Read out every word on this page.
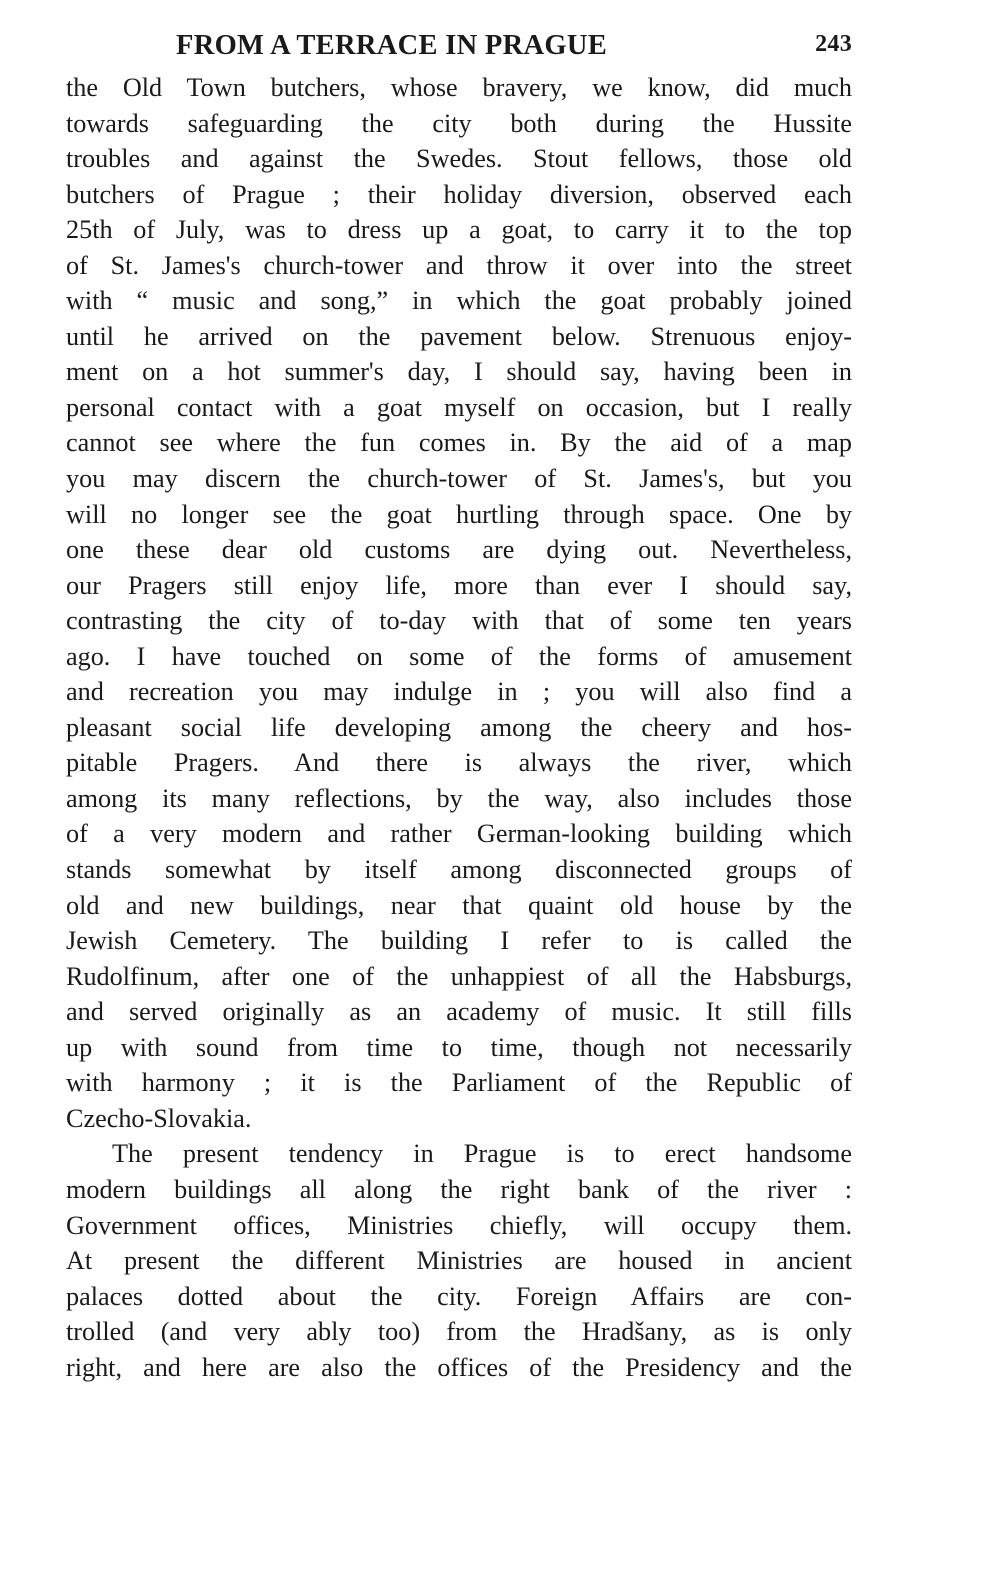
FROM A TERRACE IN PRAGUE	243
the Old Town butchers, whose bravery, we know, did much
towards safeguarding the city both during the Hussite
troubles and against the Swedes. Stout fellows, those old
butchers of Prague ; their holiday diversion, observed each
25th of July, was to dress up a goat, to carry it to the top
of St. James's church-tower and throw it over into the street
with “ music and song,” in which the goat probably joined
until he arrived on the pavement below. Strenuous enjoy-
ment on a hot summer's day, I should say, having been in
personal contact with a goat myself on occasion, but I really
cannot see where the fun comes in. By the aid of a map
you may discern the church-tower of St. James's, but you
will no longer see the goat hurtling through space. One by
one these dear old customs are dying out. Nevertheless,
our Pragers still enjoy life, more than ever I should say,
contrasting the city of to-day with that of some ten years
ago. I have touched on some of the forms of amusement
and recreation you may indulge in ; you will also find a
pleasant social life developing among the cheery and hos-
pitable Pragers. And there is always the river, which
among its many reflections, by the way, also includes those
of a very modern and rather German-looking building which
stands somewhat by itself among disconnected groups of
old and new buildings, near that quaint old house by the
Jewish Cemetery. The building I refer to is called the
Rudolfinum, after one of the unhappiest of all the Habsburgs,
and served originally as an academy of music. It still fills
up with sound from time to time, though not necessarily
with harmony ; it is the Parliament of the Republic of
Czecho-Slovakia.
The present tendency in Prague is to erect handsome
modern buildings all along the right bank of the river :
Government offices, Ministries chiefly, will occupy them.
At present the different Ministries are housed in ancient
palaces dotted about the city. Foreign Affairs are con-
trolled (and very ably too) from the Hradšany, as is only
right, and here are also the offices of the Presidency and the
